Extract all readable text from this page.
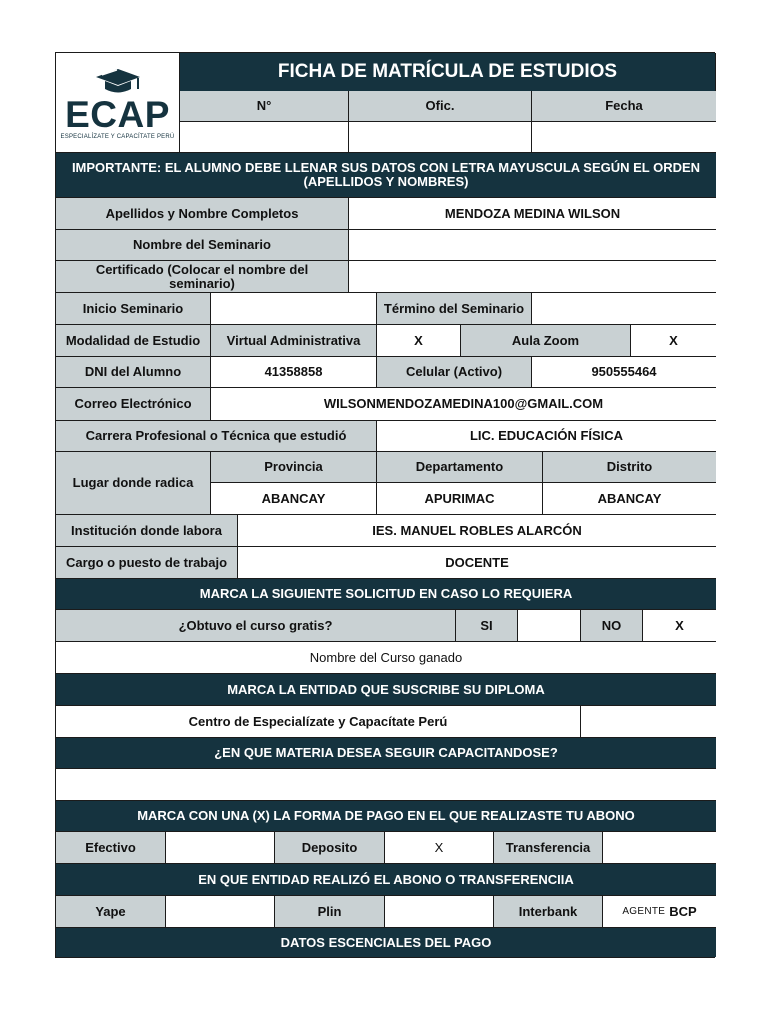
ECAP
ESPECIALÍZATE Y CAPACÍTATE PERÚ
FICHA DE MATRÍCULA DE ESTUDIOS
N°	Ofic.	Fecha
IMPORTANTE: EL ALUMNO DEBE LLENAR SUS DATOS CON LETRA MAYUSCULA SEGÚN EL ORDEN (APELLIDOS Y NOMBRES)
Apellidos y Nombre Completos	MENDOZA MEDINA WILSON
Nombre del Seminario
Certificado (Colocar el nombre del seminario)
Inicio Seminario	Término del Seminario
Modalidad de Estudio	Virtual Administrativa	X	Aula Zoom	X
DNI del Alumno	41358858	Celular (Activo)	950555464
Correo Electrónico	WILSONMENDOZAMEDINA100@GMAIL.COM
Carrera Profesional o Técnica que estudió	LIC. EDUCACIÓN FÍSICA
Lugar donde radica
Provincia	Departamento	Distrito
ABANCAY	APURIMAC	ABANCAY
Institución donde labora	IES. MANUEL ROBLES ALARCÓN
Cargo o puesto de trabajo	DOCENTE
MARCA LA SIGUIENTE SOLICITUD EN CASO LO REQUIERA
¿Obtuvo el curso gratis?	SI	NO	X
Nombre del Curso ganado
MARCA LA ENTIDAD QUE SUSCRIBE SU DIPLOMA
Centro de Especialízate y Capacítate Perú
¿EN QUE MATERIA DESEA SEGUIR CAPACITANDOSE?
MARCA CON UNA (X) LA FORMA DE PAGO EN EL QUE REALIZASTE TU ABONO
Efectivo	Deposito	X	Transferencia
EN QUE ENTIDAD REALIZÓ EL ABONO O TRANSFERENCIIA
Yape	Plin	Interbank	AGENTE BCP
DATOS ESCENCIALES DEL PAGO
